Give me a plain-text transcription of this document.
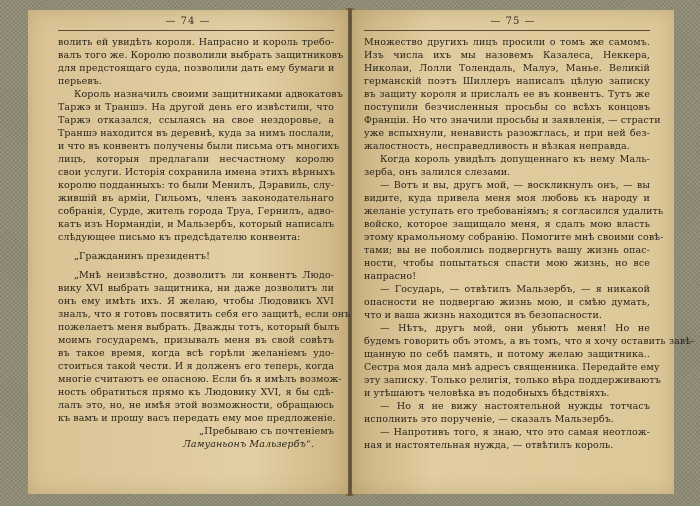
— 74 —
волить ей увидѣть короля. Напрасно и король требо-
валъ того же. Королю позволили выбрать защитниковъ
для предстоящаго суда, позволили дать ему бумаги и
перьевъ.
Король назначилъ своими защитниками адвокатовъ
Таржэ и Траншэ. На другой день его извѣстили, что
Таржэ отказался, ссылаясь на свое нездоровье, а
Траншэ находится въ деревнѣ, куда за нимъ послали,
и что въ конвентъ получены были письма отъ многихъ
лицъ, которыя предлагали несчастному королю
свои услуги. Исторія сохранила имена этихъ вѣрныхъ
королю подданныхъ: то были Менилъ, Дэравиль, слу-
жившій въ арміи, Гильомъ, членъ законодательнаго
собранія, Сурде, житель города Труа, Гернилъ, адво-
катъ изъ Нормандіи, и Мальзербъ, который написалъ
слѣдующее письмо къ предсѣдателю конвента:
„Гражданинъ президентъ!
„Мнѣ неизвѣстно, дозволитъ ли конвентъ Людо-
вику XVI выбрать защитника, ни даже дозволитъ ли
онъ ему имѣть ихъ. Я желаю, чтобы Людовикъ XVI
зналъ, что я готовъ посвятить себя его защитѣ, если онъ
пожелаетъ меня выбрать. Дважды тотъ, который былъ
моимъ государемъ, призывалъ меня въ свой совѣтъ
въ такое время, когда всѣ горѣли желаніемъ удо-
стоиться такой чести. И я долженъ его теперь, когда
многіе считаютъ ее опасною. Если бъ я имѣлъ возмож-
ность обратиться прямо къ Людовику XVI, я бы сдѣ-
лалъ это, но, не имѣя этой возможности, обращаюсь
къ вамъ и прошу васъ передать ему мое предложеніе.
„Пребываю съ почтеніемъ
Ламуаньонъ Мальзербъ“.
— 75 —
Множество другихъ лицъ просили о томъ же самомъ.
Изъ числа ихъ мы назовемъ Казалеса, Неккера,
Николаи, Лолли Толендаль, Малуэ, Манье. Великій
германскій поэтъ Шиллеръ написалъ цѣлую записку
въ защиту короля и прислалъ ее въ конвентъ. Тутъ же
поступили безчисленныя просьбы со всѣхъ концовъ
Франціи. Но что значили просьбы и заявленія, — страсти
уже вспыхнули, ненависть разожглась, и при ней без-
жалостность, несправедливость и вѣзкая неправда.
Когда король увидѣлъ допущеннаго къ нему Маль-
зерба, онъ залился слезами.
— Вотъ и вы, другъ мой, — воскликнулъ онъ, — вы
видите, куда привела меня моя любовь къ народу и
желаніе уступать его требованіямъ; я согласился удалить
войско, которое защищало меня, я сдалъ мою власть
этому крамольному собранію. Помогите мнѣ своими совѣ-
тами; вы не побоялись подвергнуть вашу жизнь опас-
ности, чтобы попытаться спасти мою жизнь, но все
напрасно!
— Государь, — отвѣтилъ Мальзербъ, — я никакой
опасности не подвергаю жизнь мою, и смѣю думать,
что и ваша жизнь находится въ безопасности.
— Нѣтъ, другъ мой, они убьютъ меня! Но не
будемъ говорить объ этомъ, а въ томъ, что я хочу оставить завѣ-
щанную по себѣ память, и потому желаю защитника..
Сестра моя дала мнѣ адресъ священника. Передайте ему
эту записку. Только религія, только вѣра поддерживаютъ
и утѣшаютъ человѣка въ подобныхъ бѣдствіяхъ.
— Но я не вижу настоятельной нужды тотчасъ
исполнить это порученіе, — сказалъ Мальзербъ.
— Напротивъ того, я знаю, что это самая неотлож-
ная и настоятельная нужда, — отвѣтилъ король.
